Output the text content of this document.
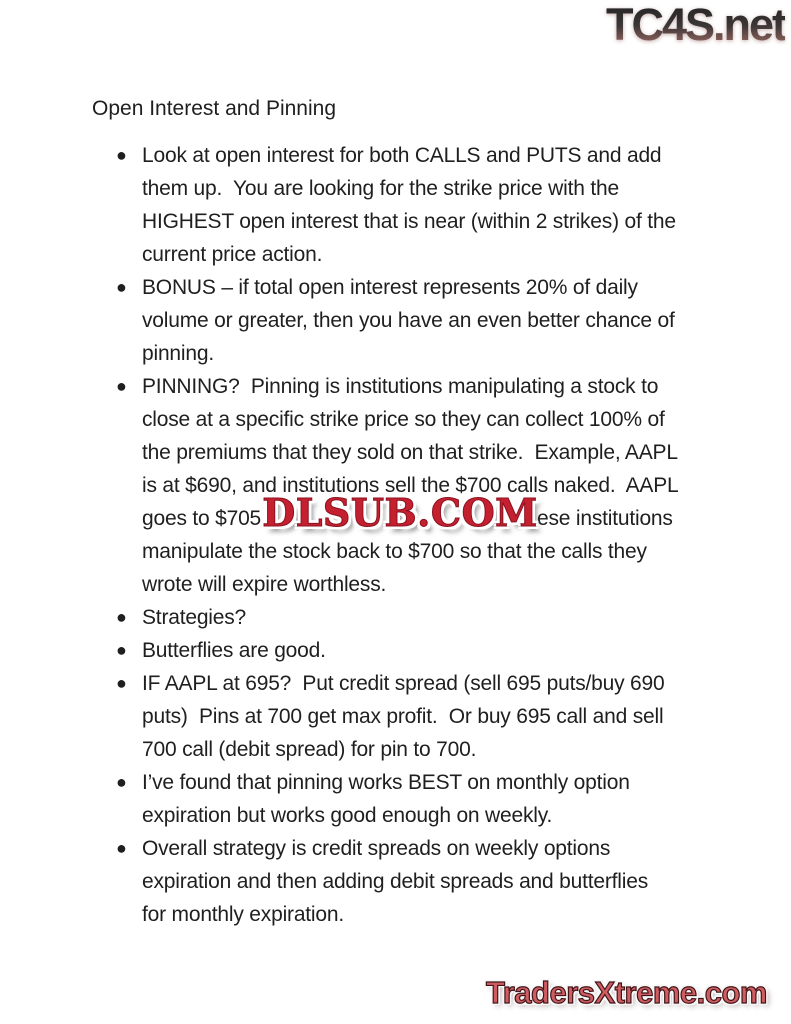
TC4S.net
Open Interest and Pinning
● Look at open interest for both CALLS and PUTS and add
them up.  You are looking for the strike price with the
HIGHEST open interest that is near (within 2 strikes) of the
current price action.
● BONUS – if total open interest represents 20% of daily
volume or greater, then you have an even better chance of
pinning.
● PINNING?  Pinning is institutions manipulating a stock to
close at a specific strike price so they can collect 100% of
the premiums that they sold on that strike.  Example, AAPL
is at $690, and institutions sell the $700 calls naked.  AAPL
goes to $705	ese institutions
manipulate the stock back to $700 so that the calls they
wrote will expire worthless.
● Strategies?
● Butterflies are good.
● IF AAPL at 695?  Put credit spread (sell 695 puts/buy 690
puts)  Pins at 700 get max profit.  Or buy 695 call and sell
700 call (debit spread) for pin to 700.
● I’ve found that pinning works BEST on monthly option
expiration but works good enough on weekly.
● Overall strategy is credit spreads on weekly options
expiration and then adding debit spreads and butterflies
for monthly expiration.
DLSUB.COM
TradersXtreme.com
